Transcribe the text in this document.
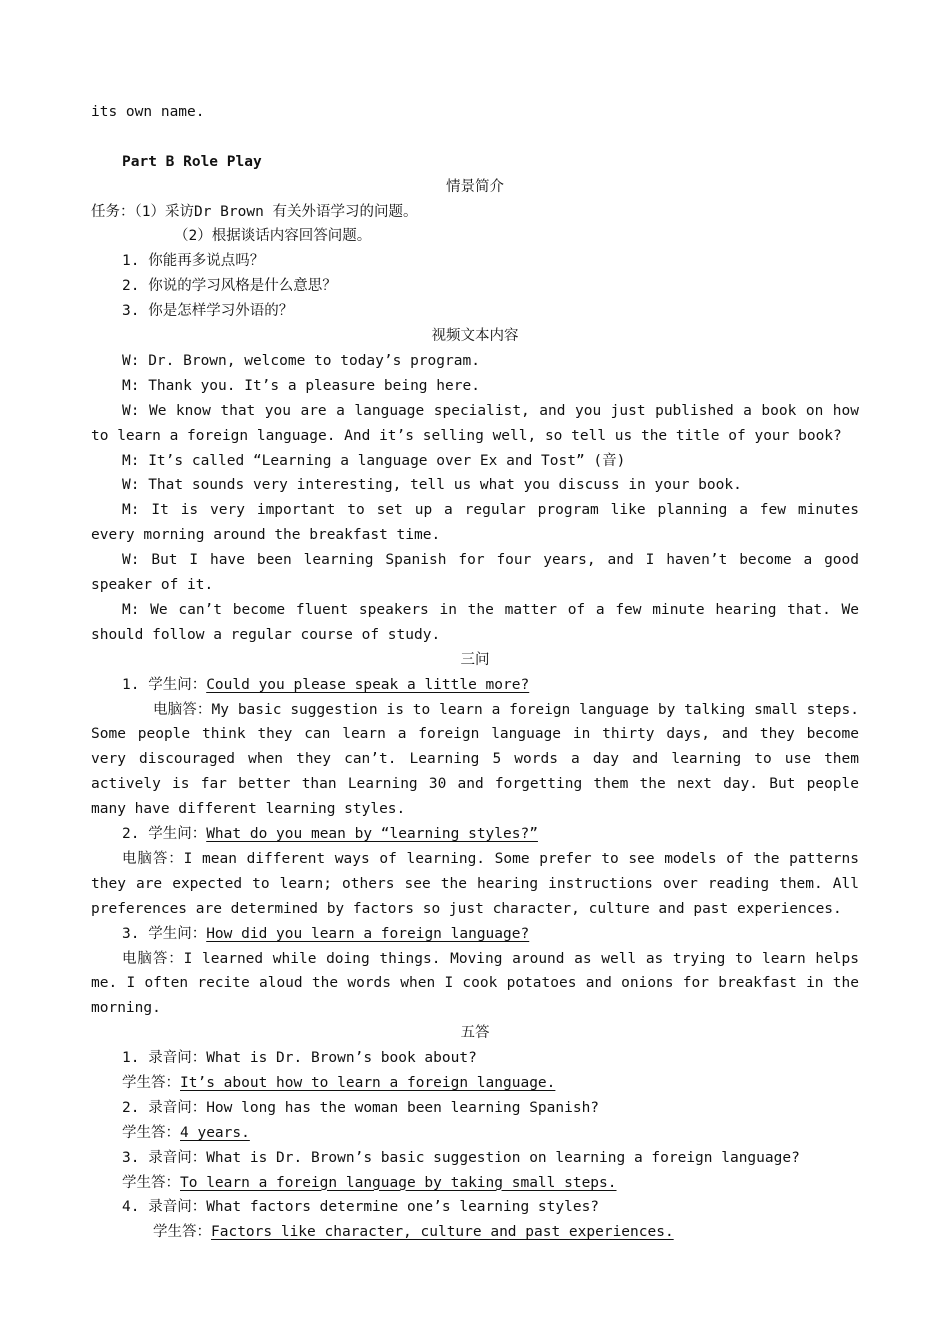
its own name.
Part B Role Play
情景简介
任务：（1）采访Dr Brown 有关外语学习的问题。
（2）根据谈话内容回答问题。
1. 你能再多说点吗？
2. 你说的学习风格是什么意思？
3. 你是怎样学习外语的？
视频文本内容
W: Dr. Brown, welcome to today’s program.
M: Thank you. It’s a pleasure being here.
W: We know that you are a language specialist, and you just published a book on how to learn a foreign language. And it’s selling well, so tell us the title of your book?
M: It’s called “Learning a language over Ex and Tost” (音)
W: That sounds very interesting, tell us what you discuss in your book.
M: It is very important to set up a regular program like planning a few minutes every morning around the breakfast time.
W: But I have been learning Spanish for four years, and I haven’t become a good speaker of it.
M: We can’t become fluent speakers in the matter of a few minute hearing that. We should follow a regular course of study.
三问
1. 学生问：Could you please speak a little more?
电脑答：My basic suggestion is to learn a foreign language by talking small steps. Some people think they can learn a foreign language in thirty days, and they become very discouraged when they can’t. Learning 5 words a day and learning to use them actively is far better than Learning 30 and forgetting them the next day. But people many have different learning styles.
2. 学生问：What do you mean by “learning styles?”
电脑答：I mean different ways of learning. Some prefer to see models of the patterns they are expected to learn; others see the hearing instructions over reading them. All preferences are determined by factors so just character, culture and past experiences.
3. 学生问：How did you learn a foreign language?
电脑答：I learned while doing things. Moving around as well as trying to learn helps me. I often recite aloud the words when I cook potatoes and onions for breakfast in the morning.
五答
1. 录音问：What is Dr. Brown’s book about?
学生答：It’s about how to learn a foreign language.
2. 录音问：How long has the woman been learning Spanish?
学生答：4 years.
3. 录音问：What is Dr. Brown’s basic suggestion on learning a foreign language?
学生答：To learn a foreign language by taking small steps.
4. 录音问：What factors determine one’s learning styles?
学生答：Factors like character, culture and past experiences.
